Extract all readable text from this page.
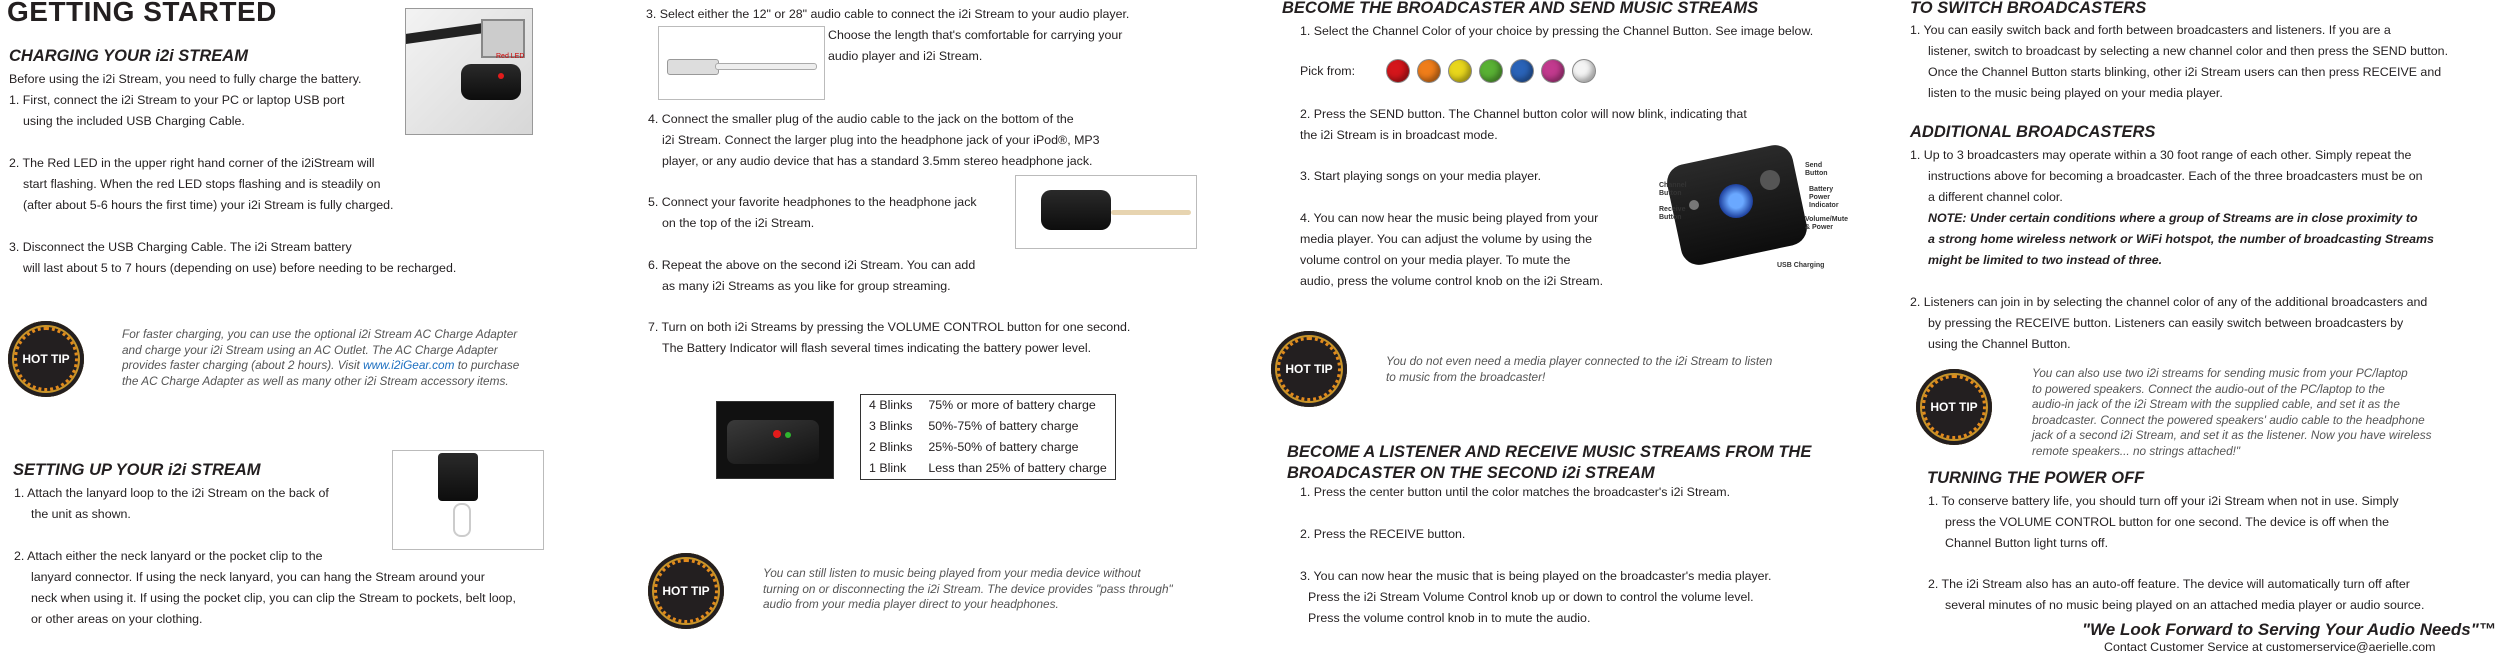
GETTING STARTED
CHARGING YOUR i2i STREAM

Before using the i2i Stream, you need to fully charge the battery.

1. First, connect the i2i Stream to your PC or laptop USB port

using the included USB Charging Cable.

2. The Red LED in the upper right hand corner of the i2iStream will

start flashing. When the red LED stops flashing and is steadily on

(after about 5-6 hours the first time) your i2i Stream is fully charged.

3. Disconnect the USB Charging Cable. The i2i Stream battery

will last about 5 to 7 hours (depending on use) before needing to be recharged.

Red LED
HOT TIP
For faster charging, you can use the optional i2i Stream AC Charge Adapter
and charge your i2i Stream using an AC Outlet. The AC Charge Adapter
provides faster charging (about 2 hours). Visit www.i2iGear.com to purchase
the AC Charge Adapter as well as many other i2i Stream accessory items.
SETTING UP YOUR i2i STREAM

1. Attach the lanyard loop to the i2i Stream on the back of

the unit as shown.

2. Attach either the neck lanyard or the pocket clip to the

lanyard connector. If using the neck lanyard, you can hang the Stream around your

neck when using it. If using the pocket clip, you can clip the Stream to pockets, belt loop,

or other areas on your clothing.

3. Select either the 12" or 28" audio cable to connect the i2i Stream to your audio player.

Choose the length that's comfortable for carrying your

audio player and i2i Stream.

4. Connect the smaller plug of the audio cable to the jack on the bottom of the

i2i Stream. Connect the larger plug into the headphone jack of your iPod®, MP3

player, or any audio device that has a standard 3.5mm stereo headphone jack.

5. Connect your favorite headphones to the headphone jack

on the top of the i2i Stream.

6. Repeat the above on the second i2i Stream. You can add

as many i2i Streams as you like for group streaming.

7. Turn on both i2i Streams by pressing the VOLUME CONTROL button for one second.

The Battery Indicator will flash several times indicating the battery power level.

4 Blinks	75% or more of battery charge
3 Blinks	50%-75% of battery charge
2 Blinks	25%-50% of battery charge
1 Blink	Less than 25% of battery charge
HOT TIP
You can still listen to music being played from your media device without
turning on or disconnecting the i2i Stream. The device provides "pass through"
audio from your media player direct to your headphones.
BECOME THE BROADCASTER AND SEND MUSIC STREAMS

1. Select the Channel Color of your choice by pressing the Channel Button. See image below.

Pick from:

2. Press the SEND button. The Channel button color will now blink, indicating that

the i2i Stream is in broadcast mode.

3. Start playing songs on your media player.

4. You can now hear the music being played from your

media player. You can adjust the volume by using the

volume control on your media player. To mute the

audio, press the volume control knob on the i2i Stream.

Channel
Button
Receive
Button
Send
Button
Battery
Power
Indicator
Volume/Mute
& Power
USB Charging
HOT TIP
You do not even need a media player connected to the i2i Stream to listen
to music from the broadcaster!
BECOME A LISTENER AND RECEIVE MUSIC STREAMS FROM THE
BROADCASTER ON THE SECOND i2i STREAM

1. Press the center button until the color matches the broadcaster's i2i Stream.

2. Press the RECEIVE button.

3. You can now hear the music that is being played on the broadcaster's media player.

Press the i2i Stream Volume Control knob up or down to control the volume level.

Press the volume control knob in to mute the audio.

TO SWITCH BROADCASTERS

1. You can easily switch back and forth between broadcasters and listeners. If you are a

listener, switch to broadcast by selecting a new channel color and then press the SEND button.

Once the Channel Button starts blinking, other i2i Stream users can then press RECEIVE and

listen to the music being played on your media player.

ADDITIONAL BROADCASTERS

1. Up to 3 broadcasters may operate within a 30 foot range of each other. Simply repeat the

instructions above for becoming a broadcaster. Each of the three broadcasters must be on

a different channel color.

NOTE: Under certain conditions where a group of Streams are in close proximity to

a strong home wireless network or WiFi hotspot, the number of broadcasting Streams

might be limited to two instead of three.

2. Listeners can join in by selecting the channel color of any of the additional broadcasters and

by pressing the RECEIVE button. Listeners can easily switch between broadcasters by

using the Channel Button.

HOT TIP
You can also use two i2i streams for sending music from your PC/laptop
to powered speakers. Connect the audio-out of the PC/laptop to the
audio-in jack of the i2i Stream with the supplied cable, and set it as the
broadcaster. Connect the powered speakers' audio cable to the headphone
jack of a second i2i Stream, and set it as the listener. Now you have wireless
remote speakers... no strings attached!"
TURNING THE POWER OFF

1. To conserve battery life, you should turn off your i2i Stream when not in use. Simply

press the VOLUME CONTROL button for one second. The device is off when the

Channel Button light turns off.

2. The i2i Stream also has an auto-off feature. The device will automatically turn off after

several minutes of no music being played on an attached media player or audio source.

"We Look Forward to Serving Your Audio Needs"™
Contact Customer Service at customerservice@aerielle.com
